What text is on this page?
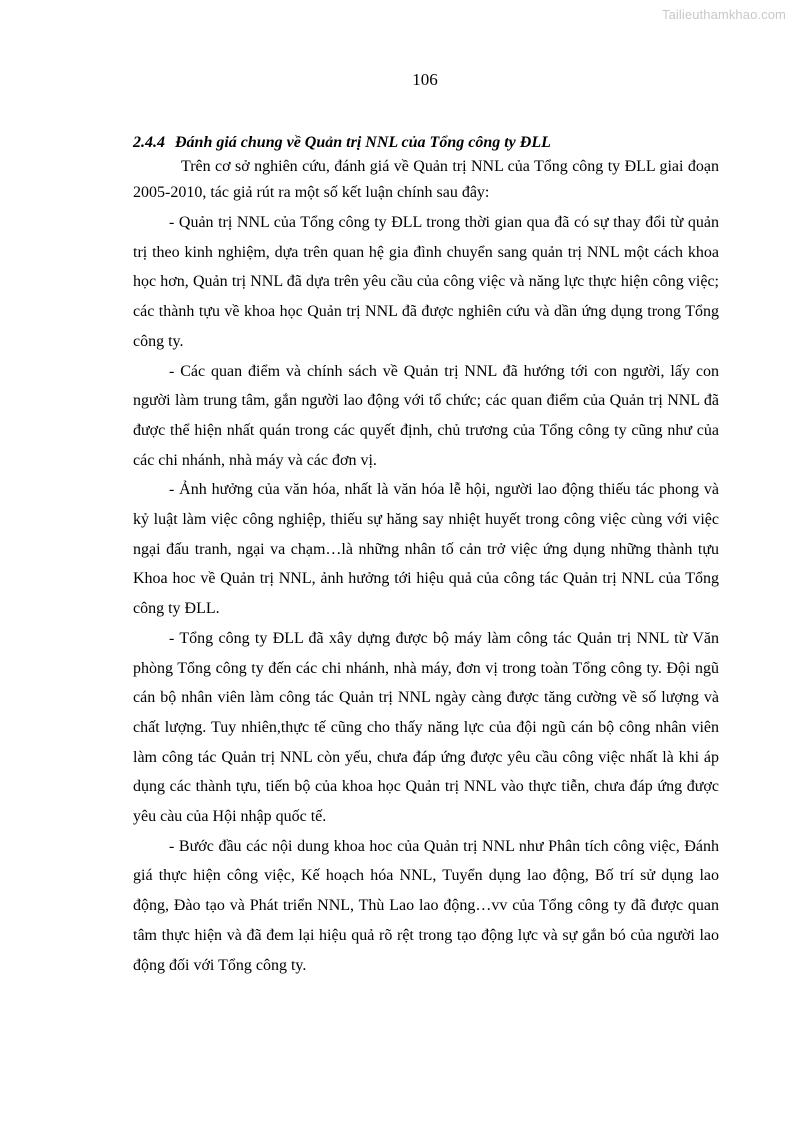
Tailieuthamkhao.com
106

2.4.4 Đánh giá chung về Quản trị NNL của Tổng công ty ĐLL

Trên cơ sở nghiên cứu, đánh giá về Quản trị NNL của Tổng công ty ĐLL giai đoạn 2005-2010, tác giả rút ra một số kết luận chính sau đây:

- Quản trị NNL của Tổng công ty ĐLL trong thời gian qua đã có sự thay đổi từ quản trị theo kinh nghiệm, dựa trên quan hệ gia đình chuyển sang quản trị NNL một cách khoa học hơn, Quản trị NNL đã dựa trên yêu cầu của công việc và năng lực thực hiện công việc; các thành tựu về khoa học Quản trị NNL đã được nghiên cứu và dần ứng dụng trong Tổng công ty.

- Các quan điểm và chính sách về Quản trị NNL đã hướng tới con người, lấy con người làm trung tâm, gắn người lao động với tổ chức; các quan điểm của Quản trị NNL đã được thể hiện nhất quán trong các quyết định, chủ trương của Tổng công ty cũng như của các chi nhánh, nhà máy và các đơn vị.

- Ảnh hưởng của văn hóa, nhất là văn hóa lễ hội, người lao động thiếu tác phong và kỷ luật làm việc công nghiệp, thiếu sự hăng say nhiệt huyết trong công việc cùng với việc ngại đấu tranh, ngại va chạm…là những nhân tố cản trở việc ứng dụng những thành tựu Khoa hoc về Quản trị NNL, ảnh hưởng tới hiệu quả của công tác Quản trị NNL của Tổng công ty ĐLL.

- Tổng công ty ĐLL đã xây dựng được bộ máy làm công tác Quản trị NNL từ Văn phòng Tổng công ty đến các chi nhánh, nhà máy, đơn vị trong toàn Tổng công ty. Đội ngũ cán bộ nhân viên làm công tác Quản trị NNL ngày càng được tăng cường về số lượng và chất lượng. Tuy nhiên,thực tế cũng cho thấy năng lực của đội ngũ cán bộ công nhân viên làm công tác Quản trị NNL còn yếu, chưa đáp ứng được yêu cầu công việc nhất là khi áp dụng các thành tựu, tiến bộ của khoa học Quản trị NNL vào thực tiễn, chưa đáp ứng được yêu càu của Hội nhập quốc tế.

- Bước đầu các nội dung khoa hoc của Quản trị NNL như Phân tích công việc, Đánh giá thực hiện công việc, Kế hoạch hóa NNL, Tuyển dụng lao động, Bố trí sử dụng lao động, Đào tạo và Phát triển NNL, Thù Lao lao động…vv của Tổng công ty đã được quan tâm thực hiện và đã đem lại hiệu quả rõ rệt trong tạo động lực và sự gắn bó của người lao động đối với Tổng công ty.
